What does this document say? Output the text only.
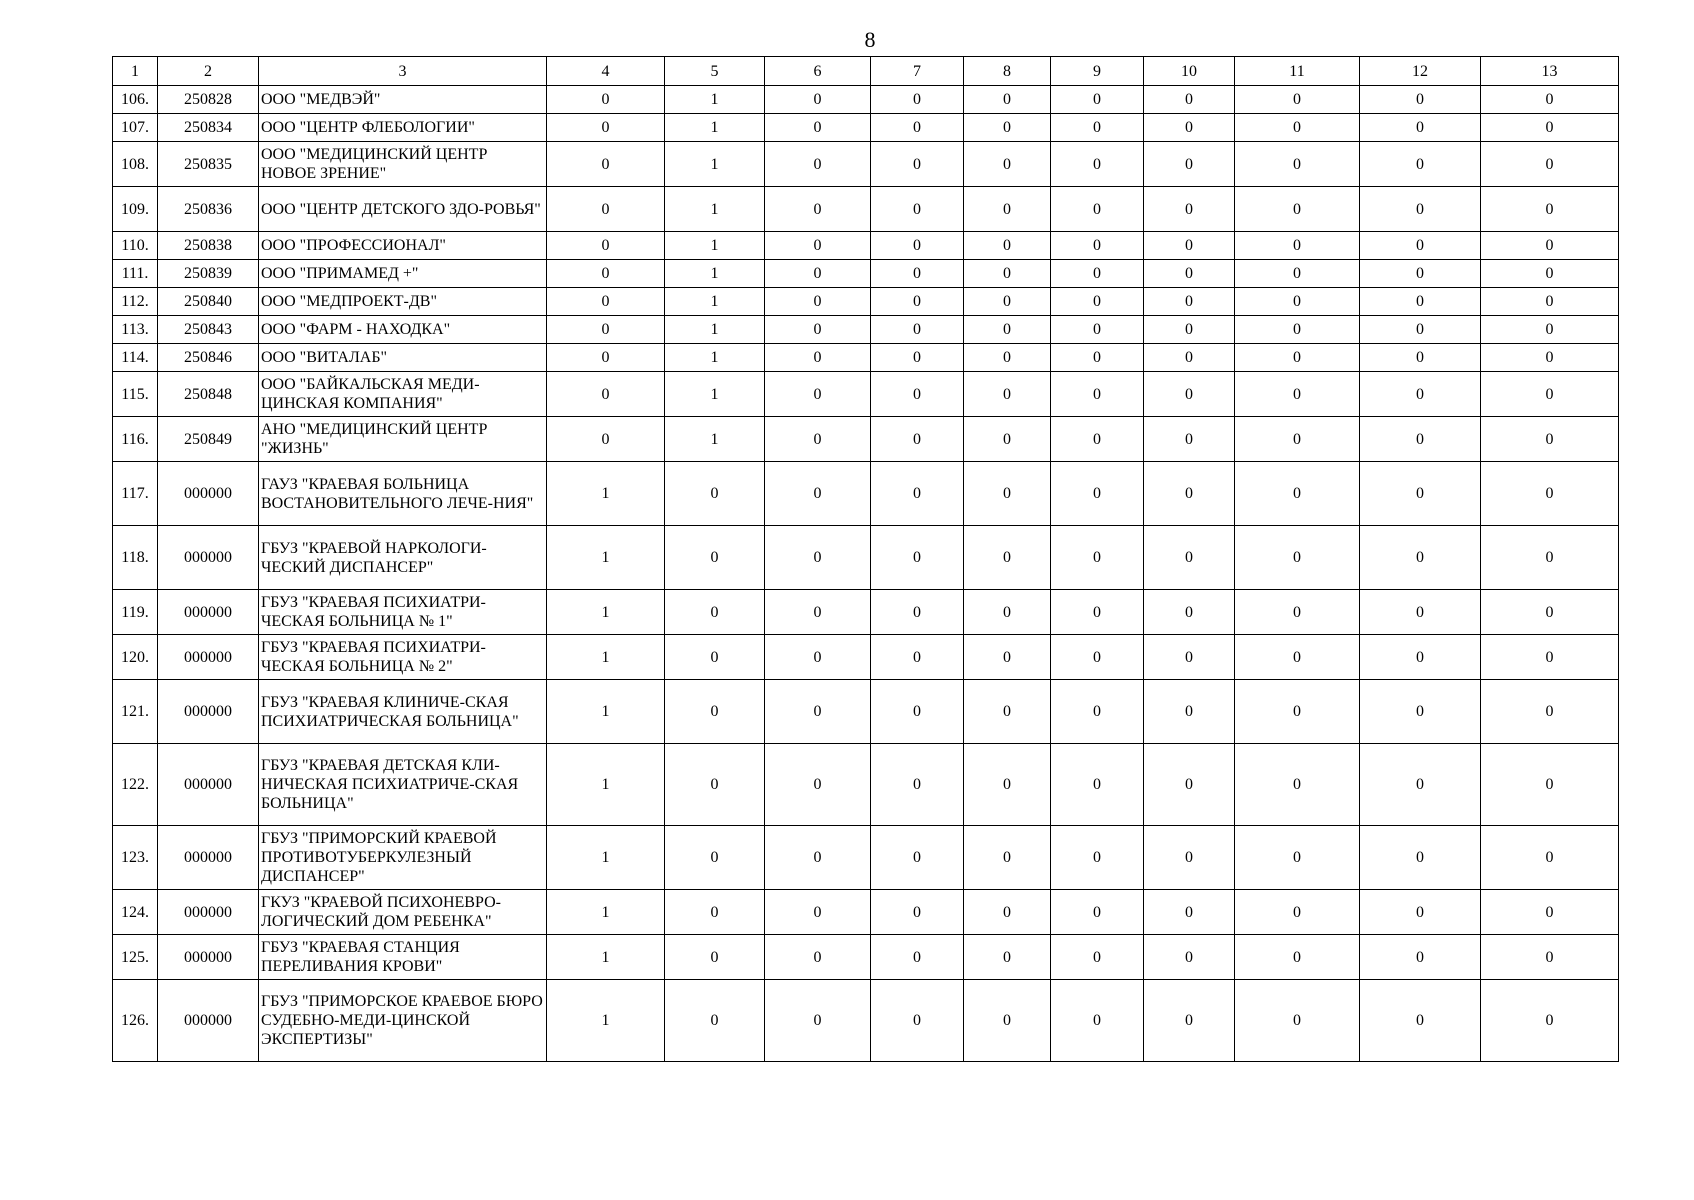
8
1	2	3	4	5	6	7	8	9	10	11	12	13
106.	250828	ООО "МЕДВЭЙ"	0	1	0	0	0	0	0	0	0	0
107.	250834	ООО "ЦЕНТР ФЛЕБОЛОГИИ"	0	1	0	0	0	0	0	0	0	0
108.	250835	ООО "МЕДИЦИНСКИЙ ЦЕНТР НОВОЕ ЗРЕНИЕ"	0	1	0	0	0	0	0	0	0	0
109.	250836	ООО "ЦЕНТР ДЕТСКОГО ЗДО-РОВЬЯ"	0	1	0	0	0	0	0	0	0	0
110.	250838	ООО "ПРОФЕССИОНАЛ"	0	1	0	0	0	0	0	0	0	0
111.	250839	ООО "ПРИМАМЕД +"	0	1	0	0	0	0	0	0	0	0
112.	250840	ООО "МЕДПРОЕКТ-ДВ"	0	1	0	0	0	0	0	0	0	0
113.	250843	ООО "ФАРМ - НАХОДКА"	0	1	0	0	0	0	0	0	0	0
114.	250846	ООО "ВИТАЛАБ"	0	1	0	0	0	0	0	0	0	0
115.	250848	ООО "БАЙКАЛЬСКАЯ МЕДИ-ЦИНСКАЯ КОМПАНИЯ"	0	1	0	0	0	0	0	0	0	0
116.	250849	АНО "МЕДИЦИНСКИЙ ЦЕНТР "ЖИЗНЬ"	0	1	0	0	0	0	0	0	0	0
117.	000000	ГАУЗ "КРАЕВАЯ БОЛЬНИЦА ВОСТАНОВИТЕЛЬНОГО ЛЕЧЕ-НИЯ"	1	0	0	0	0	0	0	0	0	0
118.	000000	ГБУЗ "КРАЕВОЙ НАРКОЛОГИ-ЧЕСКИЙ ДИСПАНСЕР"	1	0	0	0	0	0	0	0	0	0
119.	000000	ГБУЗ "КРАЕВАЯ ПСИХИАТРИ-ЧЕСКАЯ БОЛЬНИЦА № 1"	1	0	0	0	0	0	0	0	0	0
120.	000000	ГБУЗ "КРАЕВАЯ ПСИХИАТРИ-ЧЕСКАЯ БОЛЬНИЦА № 2"	1	0	0	0	0	0	0	0	0	0
121.	000000	ГБУЗ "КРАЕВАЯ КЛИНИЧЕ-СКАЯ ПСИХИАТРИЧЕСКАЯ БОЛЬНИЦА"	1	0	0	0	0	0	0	0	0	0
122.	000000	ГБУЗ "КРАЕВАЯ ДЕТСКАЯ КЛИ-НИЧЕСКАЯ ПСИХИАТРИЧЕ-СКАЯ БОЛЬНИЦА"	1	0	0	0	0	0	0	0	0	0
123.	000000	ГБУЗ "ПРИМОРСКИЙ КРАЕВОЙ ПРОТИВОТУБЕРКУЛЕЗНЫЙ ДИСПАНСЕР"	1	0	0	0	0	0	0	0	0	0
124.	000000	ГКУЗ "КРАЕВОЙ ПСИХОНЕВРО-ЛОГИЧЕСКИЙ ДОМ РЕБЕНКА"	1	0	0	0	0	0	0	0	0	0
125.	000000	ГБУЗ "КРАЕВАЯ СТАНЦИЯ ПЕРЕЛИВАНИЯ КРОВИ"	1	0	0	0	0	0	0	0	0	0
126.	000000	ГБУЗ "ПРИМОРСКОЕ КРАЕВОЕ БЮРО СУДЕБНО-МЕДИ-ЦИНСКОЙ ЭКСПЕРТИЗЫ"	1	0	0	0	0	0	0	0	0	0
